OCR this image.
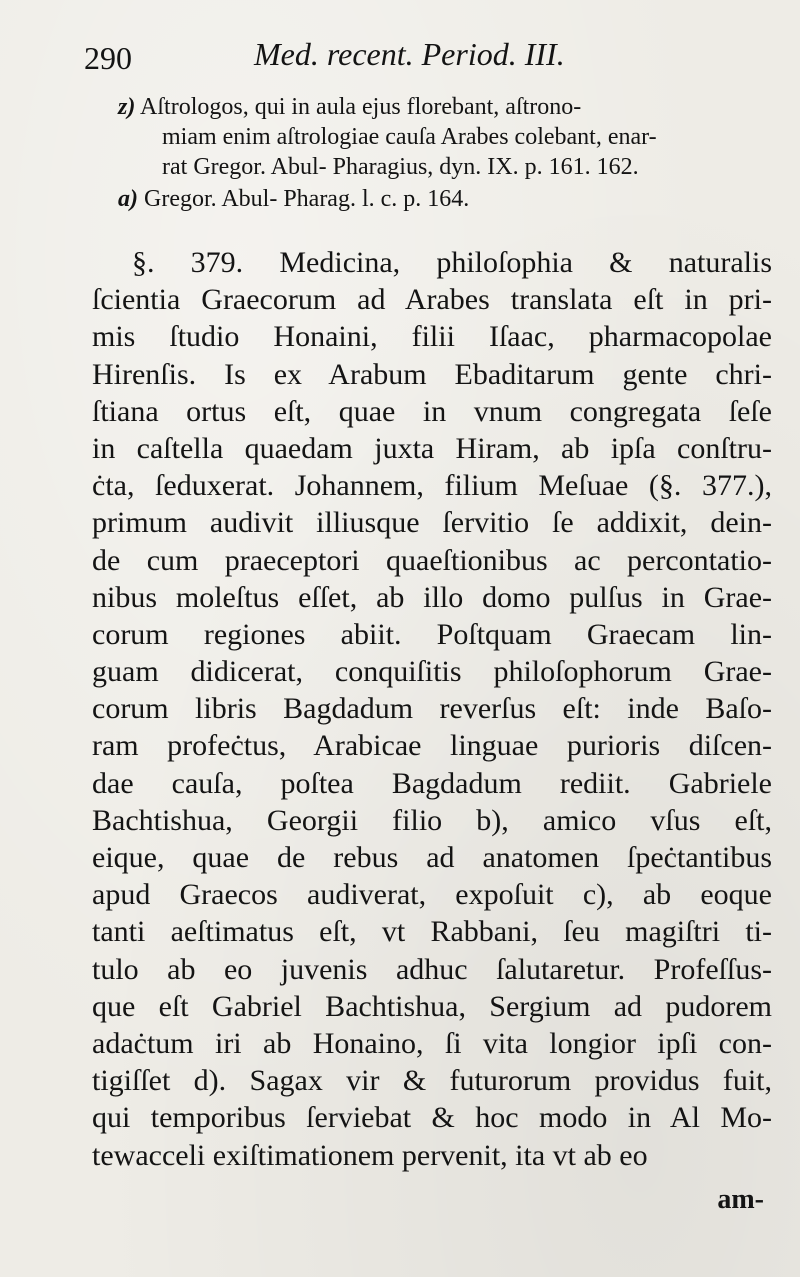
290	Med. recent. Period. III.
z) Aſtrologos, qui in aula ejus florebant, aſtrono-
miam enim aſtrologiae cauſa Arabes colebant, enar-
rat Gregor. Abul- Pharagius, dyn. IX. p. 161. 162.
a) Gregor. Abul- Pharag. l. c. p. 164.
§. 379. Medicina, philoſophia & naturalis
ſcientia Graecorum ad Arabes translata eſt in pri-
mis ſtudio Honaini, filii Iſaac, pharmacopolae
Hirenſis. Is ex Arabum Ebaditarum gente chri-
ſtiana ortus eſt, quae in vnum congregata ſeſe
in caſtella quaedam juxta Hiram, ab ipſa conſtru-
ċta, ſeduxerat. Johannem, filium Meſuae (§. 377.),
primum audivit illiusque ſervitio ſe addixit, dein-
de cum praeceptori quaeſtionibus ac percontatio-
nibus moleſtus eſſet, ab illo domo pulſus in Grae-
corum regiones abiit. Poſtquam Graecam lin-
guam didicerat, conquiſitis philoſophorum Grae-
corum libris Bagdadum reverſus eſt: inde Baſo-
ram profeċtus, Arabicae linguae purioris diſcen-
dae cauſa, poſtea Bagdadum rediit. Gabriele
Bachtishua, Georgii filio b), amico vſus eſt,
eique, quae de rebus ad anatomen ſpeċtantibus
apud Graecos audiverat, expoſuit c), ab eoque
tanti aeſtimatus eſt, vt Rabbani, ſeu magiſtri ti-
tulo ab eo juvenis adhuc ſalutaretur. Profeſſus-
que eſt Gabriel Bachtishua, Sergium ad pudorem
adaċtum iri ab Honaino, ſi vita longior ipſi con-
tigiſſet d). Sagax vir & futurorum providus fuit,
qui temporibus ſerviebat & hoc modo in Al Mo-
tewacceli exiſtimationem pervenit, ita vt ab eo
am-
